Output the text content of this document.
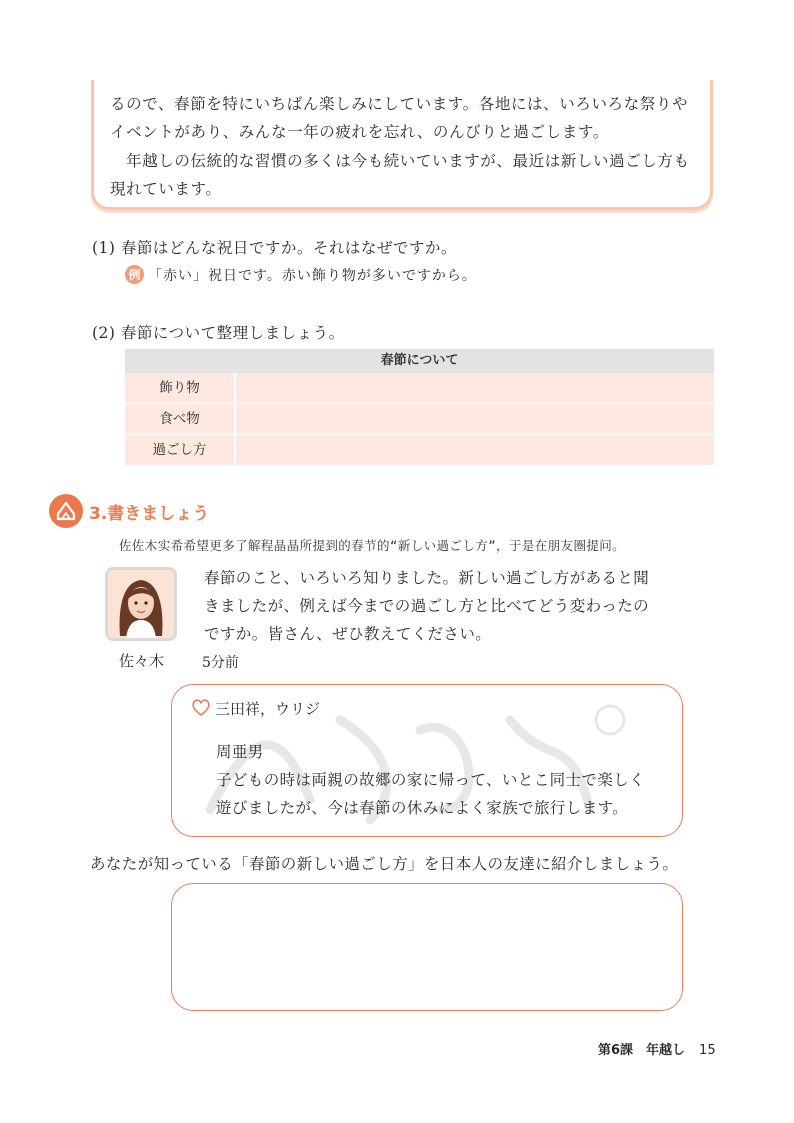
るので、春節を特にいちばん楽しみにしています。各地には、いろいろな祭りや
イベントがあり、みんな一年の疲れを忘れ、のんびりと過ごします。
　年越しの伝統的な習慣の多くは今も続いていますが、最近は新しい過ごし方も
現れています。
(1) 春節はどんな祝日ですか。それはなぜですか。
例 「赤い」祝日です。赤い飾り物が多いですから。
(2) 春節について整理しましょう。
春節について
飾り物
食べ物
過ごし方
3.書きましょう
佐佐木实希希望更多了解程晶晶所提到的春节的“新しい過ごし方”，于是在朋友圈提问。
佐々木
春節のこと、いろいろ知りました。新しい過ごし方があると聞
きましたが、例えば今までの過ごし方と比べてどう変わったの
ですか。皆さん、ぜひ教えてください。
5分前
三田祥，ウリジ
周亜男
子どもの時は両親の故郷の家に帰って、いとこ同士で楽しく
遊びましたが、今は春節の休みによく家族で旅行します。
あなたが知っている「春節の新しい過ごし方」を日本人の友達に紹介しましょう。
第6課　年越し 15
